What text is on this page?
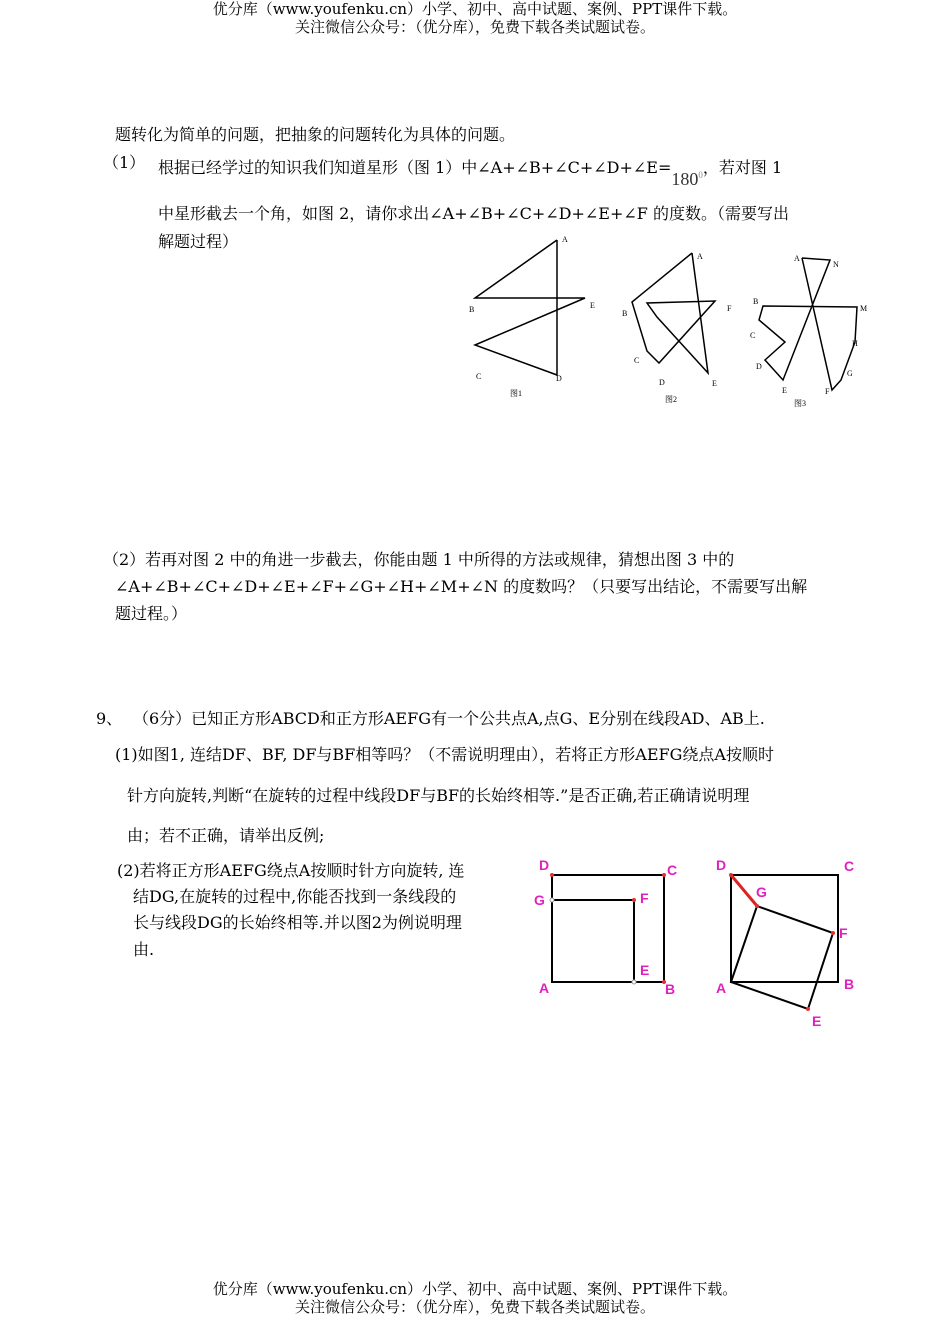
优分库（www.youfenku.cn）小学、初中、高中试题、案例、PPT课件下载。
关注微信公众号：（优分库），免费下载各类试题试卷。
题转化为简单的问题，把抽象的问题转化为具体的问题。
（1） 根据已经学过的知识我们知道星形（图 1）中$\angle A+\angle B+\angle C+\angle D+\angle E=180^0$，若对图 1
中星形截去一个角，如图 2，请你求出∠A+∠B+∠C+∠D+∠E+∠F 的度数。（需要写出
解题过程）	A
B
C	D
E
图1
A
B
C
D	E
F
图2
A
N
B
M
C
H
D
G
E	F
图3
（2）若再对图 2 中的角进一步截去，你能由题 1 中所得的方法或规律，猜想出图 3 中的
∠A+∠B+∠C+∠D+∠E+∠F+∠G+∠H+∠M+∠N 的度数吗？（只要写出结论，不需要写出解
题过程。）
9、 （6分）已知正方形ABCD和正方形AEFG有一个公共点A,点G、E分别在线段AD、AB上.
(1)如图1, 连结DF、BF, DF与BF相等吗？（不需说明理由），若将正方形AEFG绕点A按顺时
针方向旋转,判断“在旋转的过程中线段DF与BF的长始终相等.”是否正确,若正确请说明理
由；若不正确，请举出反例;
(2)若将正方形AEFG绕点A按顺时针方向旋转, 连
结DG,在旋转的过程中,你能否找到一条线段的
长与线段DG的长始终相等.并以图2为例说明理
由.
D	C
G	F
E
A	B
D	C
G
F
A	B
E
优分库（www.youfenku.cn）小学、初中、高中试题、案例、PPT课件下载。
关注微信公众号：（优分库），免费下载各类试题试卷。
